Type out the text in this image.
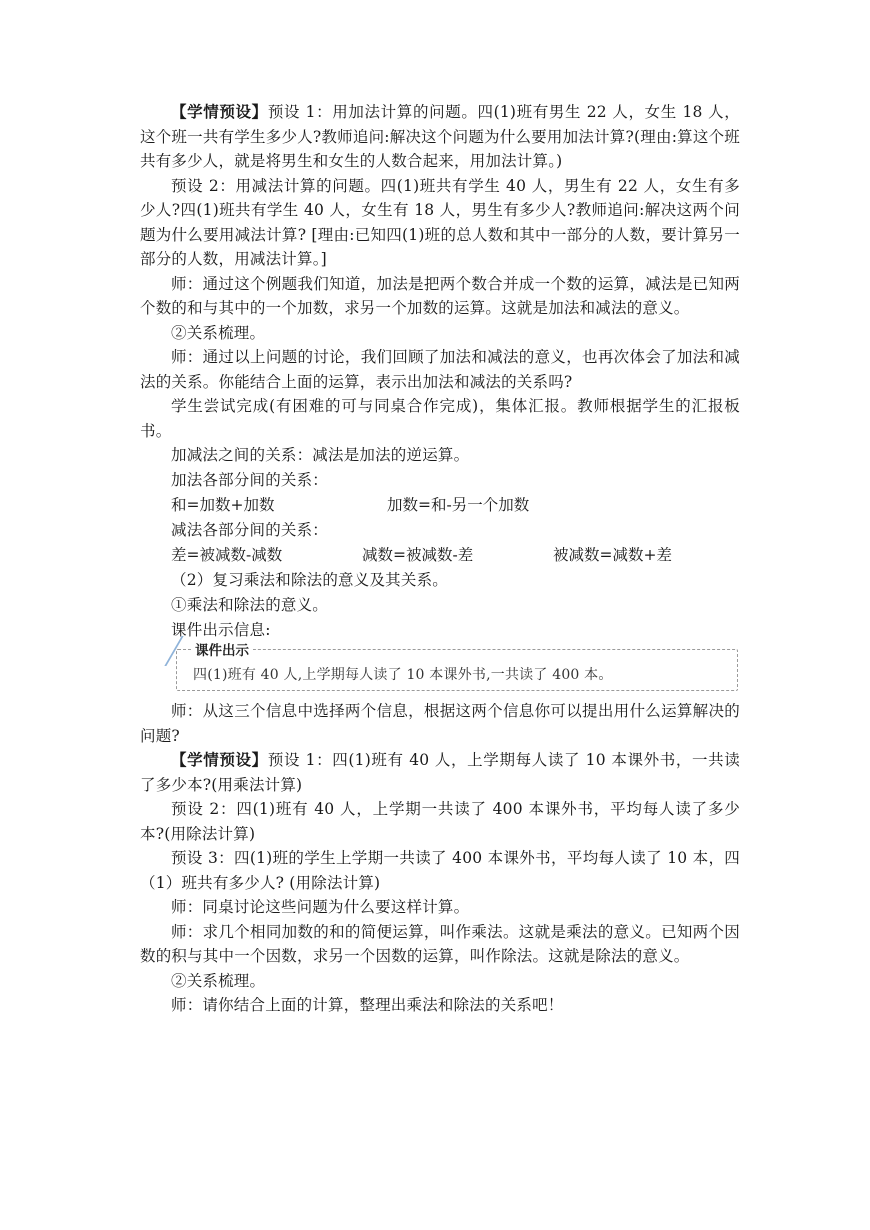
【学情预设】预设 1：用加法计算的问题。四(1)班有男生 22 人，女生 18 人，这个班一共有学生多少人?教师追问:解决这个问题为什么要用加法计算?(理由:算这个班共有多少人，就是将男生和女生的人数合起来，用加法计算。)

预设 2：用减法计算的问题。四(1)班共有学生 40 人，男生有 22 人，女生有多少人?四(1)班共有学生 40 人，女生有 18 人，男生有多少人?教师追问:解决这两个问题为什么要用减法计算? [理由:已知四(1)班的总人数和其中一部分的人数，要计算另一部分的人数，用减法计算。]

师：通过这个例题我们知道，加法是把两个数合并成一个数的运算，减法是已知两个数的和与其中的一个加数，求另一个加数的运算。这就是加法和减法的意义。

②关系梳理。

师：通过以上问题的讨论，我们回顾了加法和减法的意义，也再次体会了加法和减法的关系。你能结合上面的运算，表示出加法和减法的关系吗?

学生尝试完成(有困难的可与同桌合作完成)，集体汇报。教师根据学生的汇报板书。

加减法之间的关系：减法是加法的逆运算。

加法各部分间的关系：

和=加数+加数	加数=和-另一个加数

减法各部分间的关系：

差=被减数-减数	减数=被减数-差	被减数=减数+差

（2）复习乘法和除法的意义及其关系。

①乘法和除法的意义。

课件出示信息:

课件出示
四(1)班有 40 人,上学期每人读了 10 本课外书,一共读了 400 本。

师：从这三个信息中选择两个信息，根据这两个信息你可以提出用什么运算解决的问题?

【学情预设】预设 1：四(1)班有 40 人，上学期每人读了 10 本课外书，一共读了多少本?(用乘法计算)

预设 2：四(1)班有 40 人，上学期一共读了 400 本课外书，平均每人读了多少本?(用除法计算)

预设 3：四(1)班的学生上学期一共读了 400 本课外书，平均每人读了 10 本，四（1）班共有多少人? (用除法计算)

师：同桌讨论这些问题为什么要这样计算。

师：求几个相同加数的和的简便运算，叫作乘法。这就是乘法的意义。已知两个因数的积与其中一个因数，求另一个因数的运算，叫作除法。这就是除法的意义。

②关系梳理。

师：请你结合上面的计算，整理出乘法和除法的关系吧！
